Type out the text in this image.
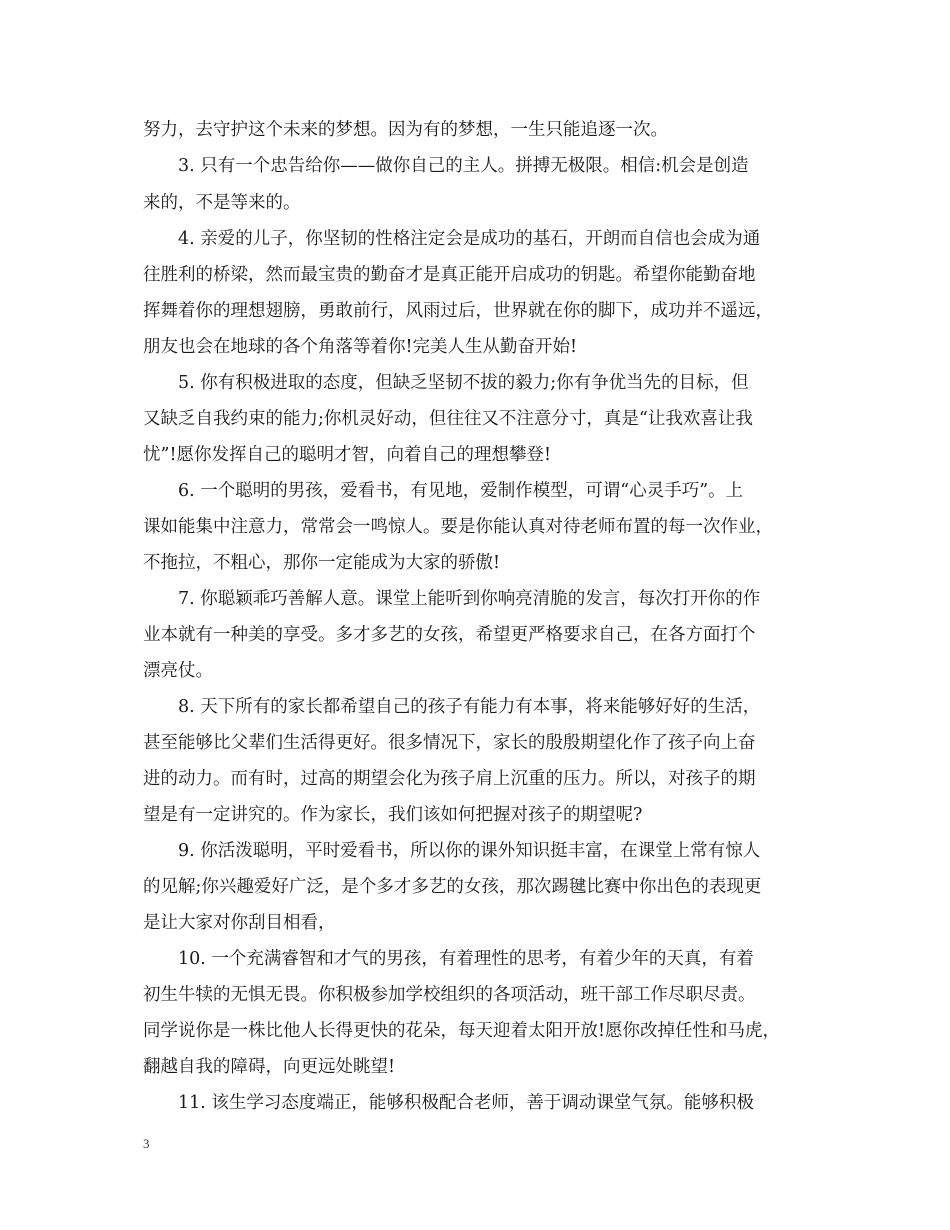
努力，去守护这个未来的梦想。因为有的梦想，一生只能追逐一次。
3. 只有一个忠告给你——做你自己的主人。拼搏无极限。相信:机会是创造
来的，不是等来的。
4. 亲爱的儿子，你坚韧的性格注定会是成功的基石，开朗而自信也会成为通
往胜利的桥梁，然而最宝贵的勤奋才是真正能开启成功的钥匙。希望你能勤奋地
挥舞着你的理想翅膀，勇敢前行，风雨过后，世界就在你的脚下，成功并不遥远，
朋友也会在地球的各个角落等着你!完美人生从勤奋开始!
5. 你有积极进取的态度，但缺乏坚韧不拔的毅力;你有争优当先的目标，但
又缺乏自我约束的能力;你机灵好动，但往往又不注意分寸，真是“让我欢喜让我
忧”!愿你发挥自己的聪明才智，向着自己的理想攀登!
6. 一个聪明的男孩，爱看书，有见地，爱制作模型，可谓“心灵手巧”。上
课如能集中注意力，常常会一鸣惊人。要是你能认真对待老师布置的每一次作业，
不拖拉，不粗心，那你一定能成为大家的骄傲!
7. 你聪颖乖巧善解人意。课堂上能听到你响亮清脆的发言，每次打开你的作
业本就有一种美的享受。多才多艺的女孩，希望更严格要求自己，在各方面打个
漂亮仗。
8. 天下所有的家长都希望自己的孩子有能力有本事，将来能够好好的生活，
甚至能够比父辈们生活得更好。很多情况下，家长的殷殷期望化作了孩子向上奋
进的动力。而有时，过高的期望会化为孩子肩上沉重的压力。所以，对孩子的期
望是有一定讲究的。作为家长，我们该如何把握对孩子的期望呢?
9. 你活泼聪明，平时爱看书，所以你的课外知识挺丰富，在课堂上常有惊人
的见解;你兴趣爱好广泛，是个多才多艺的女孩，那次踢毽比赛中你出色的表现更
是让大家对你刮目相看，
10. 一个充满睿智和才气的男孩，有着理性的思考，有着少年的天真，有着
初生牛犊的无惧无畏。你积极参加学校组织的各项活动，班干部工作尽职尽责。
同学说你是一株比他人长得更快的花朵，每天迎着太阳开放!愿你改掉任性和马虎，
翻越自我的障碍，向更远处眺望!
11. 该生学习态度端正，能够积极配合老师，善于调动课堂气氛。能够积极
3
